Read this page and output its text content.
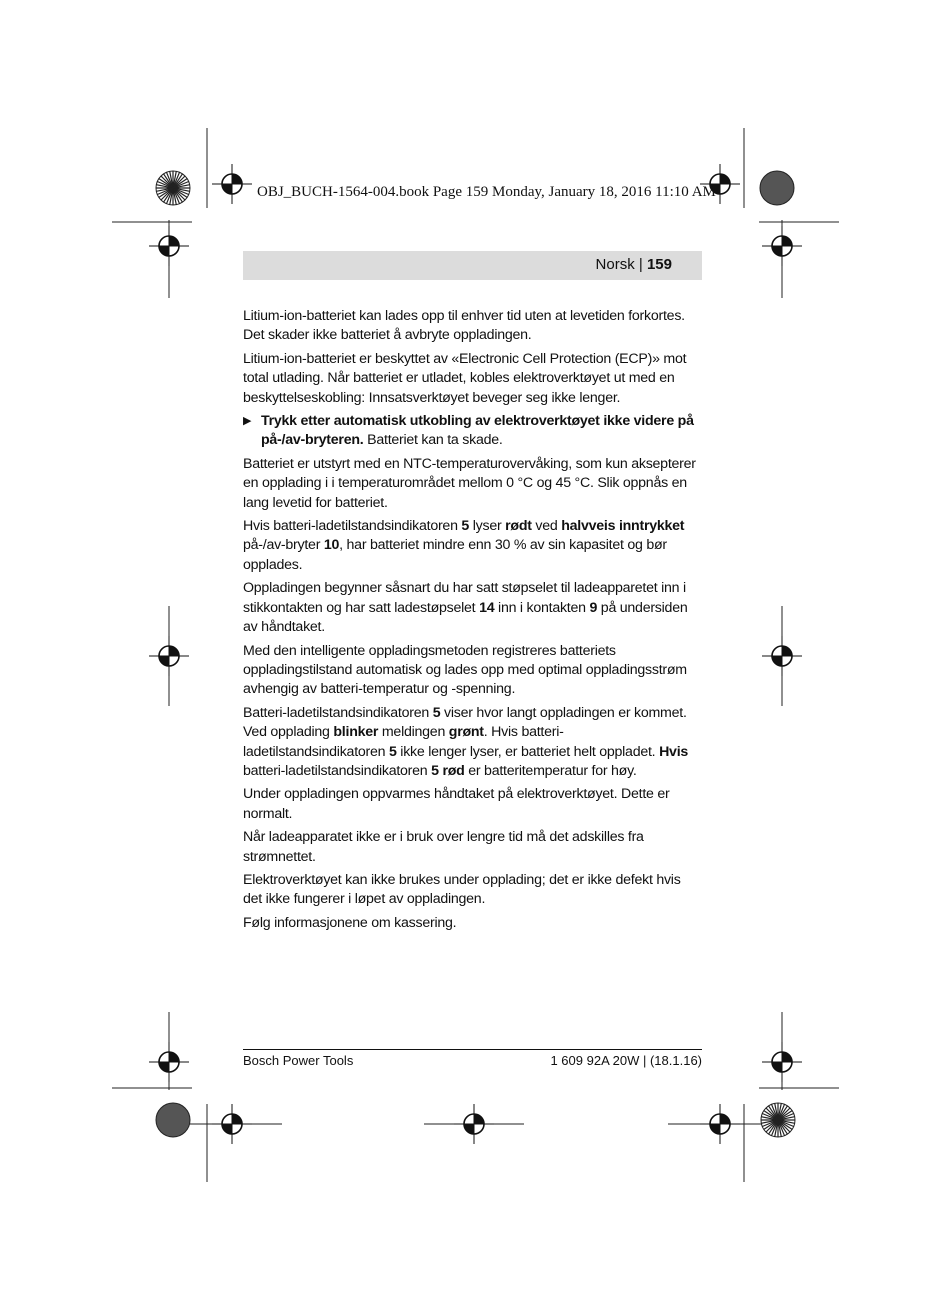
OBJ_BUCH-1564-004.book Page 159 Monday, January 18, 2016 11:10 AM
Norsk | 159

Litium-ion-batteriet kan lades opp til enhver tid uten at levetiden forkortes. Det skader ikke batteriet å avbryte oppladingen.

Litium-ion-batteriet er beskyttet av «Electronic Cell Protection (ECP)» mot total utlading. Når batteriet er utladet, kobles elektroverktøyet ut med en beskyttelseskobling: Innsatsverktøyet beveger seg ikke lenger.

▶ Trykk etter automatisk utkobling av elektroverktøyet ikke videre på på-/av-bryteren. Batteriet kan ta skade.

Batteriet er utstyrt med en NTC-temperaturovervåking, som kun aksepterer en opplading i i temperaturområdet mellom 0 °C og 45 °C. Slik oppnås en lang levetid for batteriet.

Hvis batteri-ladetilstandsindikatoren 5 lyser rødt ved halvveis inntrykket på-/av-bryter 10, har batteriet mindre enn 30 % av sin kapasitet og bør opplades.

Oppladingen begynner såsnart du har satt støpselet til ladeapparetet inn i stikkontakten og har satt ladestøpselet 14 inn i kontakten 9 på undersiden av håndtaket.

Med den intelligente oppladingsmetoden registreres batteriets oppladingstilstand automatisk og lades opp med optimal oppladingsstrøm avhengig av batteri-temperatur og -spenning.

Batteri-ladetilstandsindikatoren 5 viser hvor langt oppladingen er kommet. Ved opplading blinker meldingen grønt. Hvis batteri-ladetilstandsindikatoren 5 ikke lenger lyser, er batteriet helt oppladet. Hvis batteri-ladetilstandsindikatoren 5 rød er batteritemperatur for høy.

Under oppladingen oppvarmes håndtaket på elektroverktøyet. Dette er normalt.

Når ladeapparatet ikke er i bruk over lengre tid må det adskilles fra strømnettet.

Elektroverktøyet kan ikke brukes under opplading; det er ikke defekt hvis det ikke fungerer i løpet av oppladingen.

Følg informasjonene om kassering.

Bosch Power Tools	1 609 92A 20W | (18.1.16)
